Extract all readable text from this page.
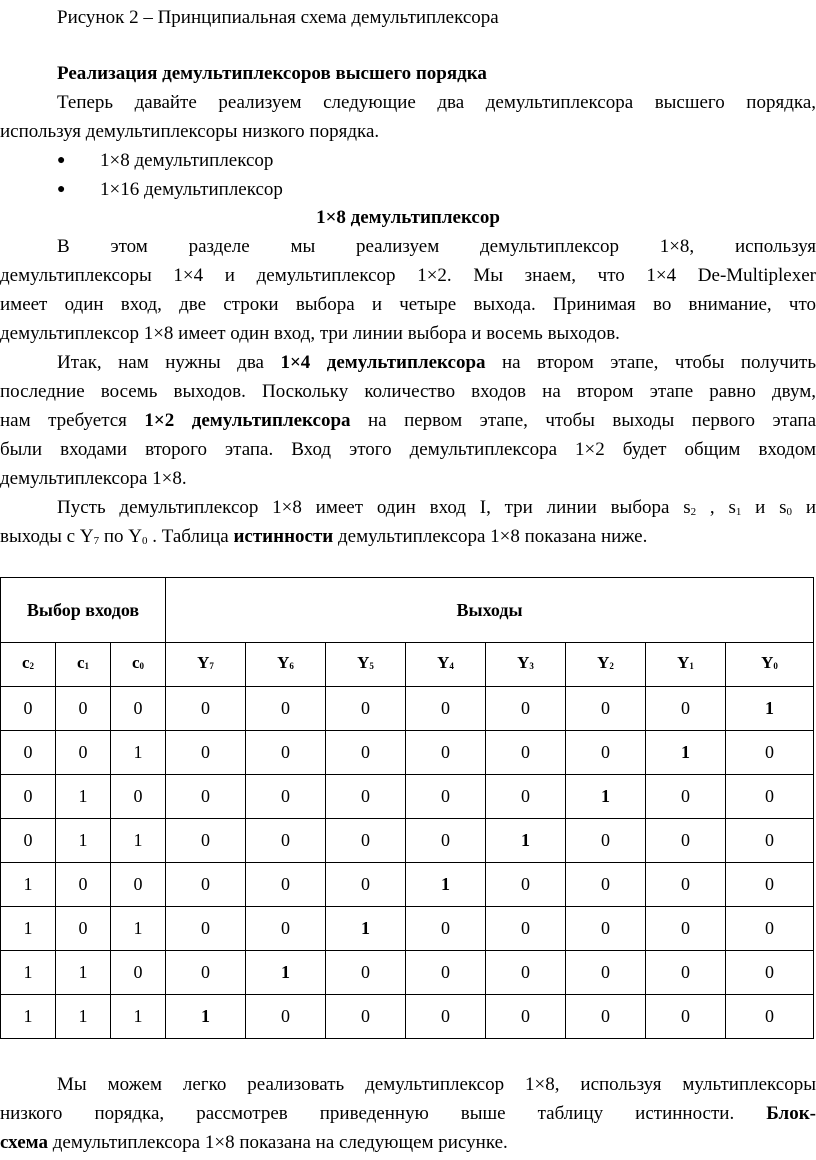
Рисунок 2 – Принципиальная схема демультиплексора

Реализация демультиплексоров высшего порядка

Теперь давайте реализуем следующие два демультиплексора высшего порядка,

используя демультиплексоры низкого порядка.

● 1×8 демультиплексор
● 1×16 демультиплексор

1×8 демультиплексор

В этом разделе мы реализуем демультиплексор 1×8, используя

демультиплексоры 1×4 и демультиплексор 1×2. Мы знаем, что 1×4 De-Multiplexer

имеет один вход, две строки выбора и четыре выхода. Принимая во внимание, что

демультиплексор 1×8 имеет один вход, три линии выбора и восемь выходов.

Итак, нам нужны два 1×4 демультиплексора на втором этапе, чтобы получить

последние восемь выходов. Поскольку количество входов на втором этапе равно двум,

нам требуется 1×2 демультиплексора на первом этапе, чтобы выходы первого этапа

были входами второго этапа. Вход этого демультиплексора 1×2 будет общим входом

демультиплексора 1×8.

Пусть демультиплексор 1×8 имеет один вход I, три линии выбора $s_2$ , $s_1$ и $s_0$ и

выходы с $Y_7$ по $Y_0$ . Таблица истинности демультиплексора 1×8 показана ниже.

Выбор входов			Выходы							
$c_2$	$c_1$	$c_0$	$Y_7$	$Y_6$	$Y_5$	$Y_4$	$Y_3$	$Y_2$	$Y_1$	$Y_0$
0	0	0	0	0	0	0	0	0	0	1
0	0	1	0	0	0	0	0	0	1	0
0	1	0	0	0	0	0	0	1	0	0
0	1	1	0	0	0	0	1	0	0	0
1	0	0	0	0	0	1	0	0	0	0
1	0	1	0	0	1	0	0	0	0	0
1	1	0	0	1	0	0	0	0	0	0
1	1	1	1	0	0	0	0	0	0	0

Мы можем легко реализовать демультиплексор 1×8, используя мультиплексоры

низкого порядка, рассмотрев приведенную выше таблицу истинности. Блок-

схема демультиплексора 1×8 показана на следующем рисунке.
